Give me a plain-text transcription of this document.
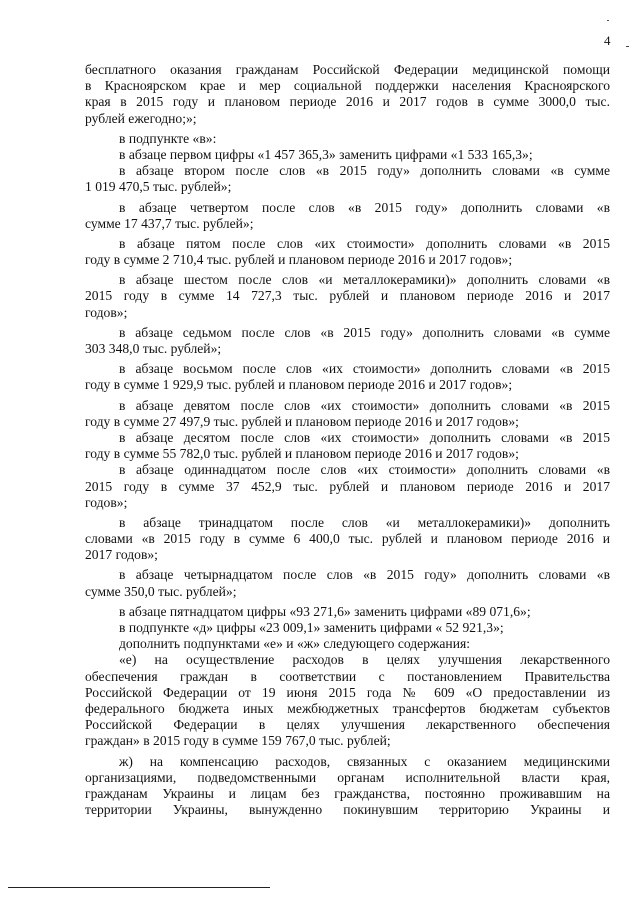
4
бесплатного оказания гражданам Российской Федерации медицинской помощи
в Красноярском крае и мер социальной поддержки населения Красноярского
края в 2015 году и плановом периоде 2016 и 2017 годов в сумме 3000,0 тыс.
рублей ежегодно;»;
в подпункте «в»:
в абзаце первом цифры «1 457 365,3» заменить цифрами «1 533 165,3»;
в абзаце втором после слов «в 2015 году» дополнить словами «в сумме
1 019 470,5 тыс. рублей»;
в абзаце четвертом после слов «в 2015 году» дополнить словами «в
сумме 17 437,7 тыс. рублей»;
в абзаце пятом после слов «их стоимости» дополнить словами «в 2015
году в сумме 2 710,4 тыс. рублей и плановом периоде 2016 и 2017 годов»;
в абзаце шестом после слов «и металлокерамики)» дополнить словами «в
2015 году в сумме 14 727,3 тыс. рублей и плановом периоде 2016 и 2017
годов»;
в абзаце седьмом после слов «в 2015 году» дополнить словами «в сумме
303 348,0 тыс. рублей»;
в абзаце восьмом после слов «их стоимости» дополнить словами «в 2015
году в сумме 1 929,9 тыс. рублей и плановом периоде 2016 и 2017 годов»;
в абзаце девятом после слов «их стоимости» дополнить словами «в 2015
году в сумме 27 497,9 тыс. рублей и плановом периоде 2016 и 2017 годов»;
в абзаце десятом после слов «их стоимости» дополнить словами «в 2015
году в сумме 55 782,0 тыс. рублей и плановом периоде 2016 и 2017 годов»;
в абзаце одиннадцатом после слов «их стоимости» дополнить словами «в
2015 году в сумме 37 452,9 тыс. рублей и плановом периоде 2016 и 2017
годов»;
в абзаце тринадцатом после слов «и металлокерамики)» дополнить
словами «в 2015 году в сумме 6 400,0 тыс. рублей и плановом периоде 2016 и
2017 годов»;
в абзаце четырнадцатом после слов «в 2015 году» дополнить словами «в
сумме 350,0 тыс. рублей»;
в абзаце пятнадцатом цифры «93 271,6» заменить цифрами «89 071,6»;
в подпункте «д» цифры «23 009,1» заменить цифрами « 52 921,3»;
дополнить подпунктами «е» и «ж» следующего содержания:
«е) на осуществление расходов в целях улучшения лекарственного
обеспечения граждан в соответствии с постановлением Правительства
Российской Федерации от 19 июня 2015 года № 609 «О предоставлении из
федерального бюджета иных межбюджетных трансфертов бюджетам субъектов
Российской Федерации в целях улучшения лекарственного обеспечения
граждан» в 2015 году в сумме 159 767,0 тыс. рублей;
ж) на компенсацию расходов, связанных с оказанием медицинскими
организациями, подведомственными органам исполнительной власти края,
гражданам Украины и лицам без гражданства, постоянно проживавшим на
территории Украины, вынужденно покинувшим территорию Украины и
